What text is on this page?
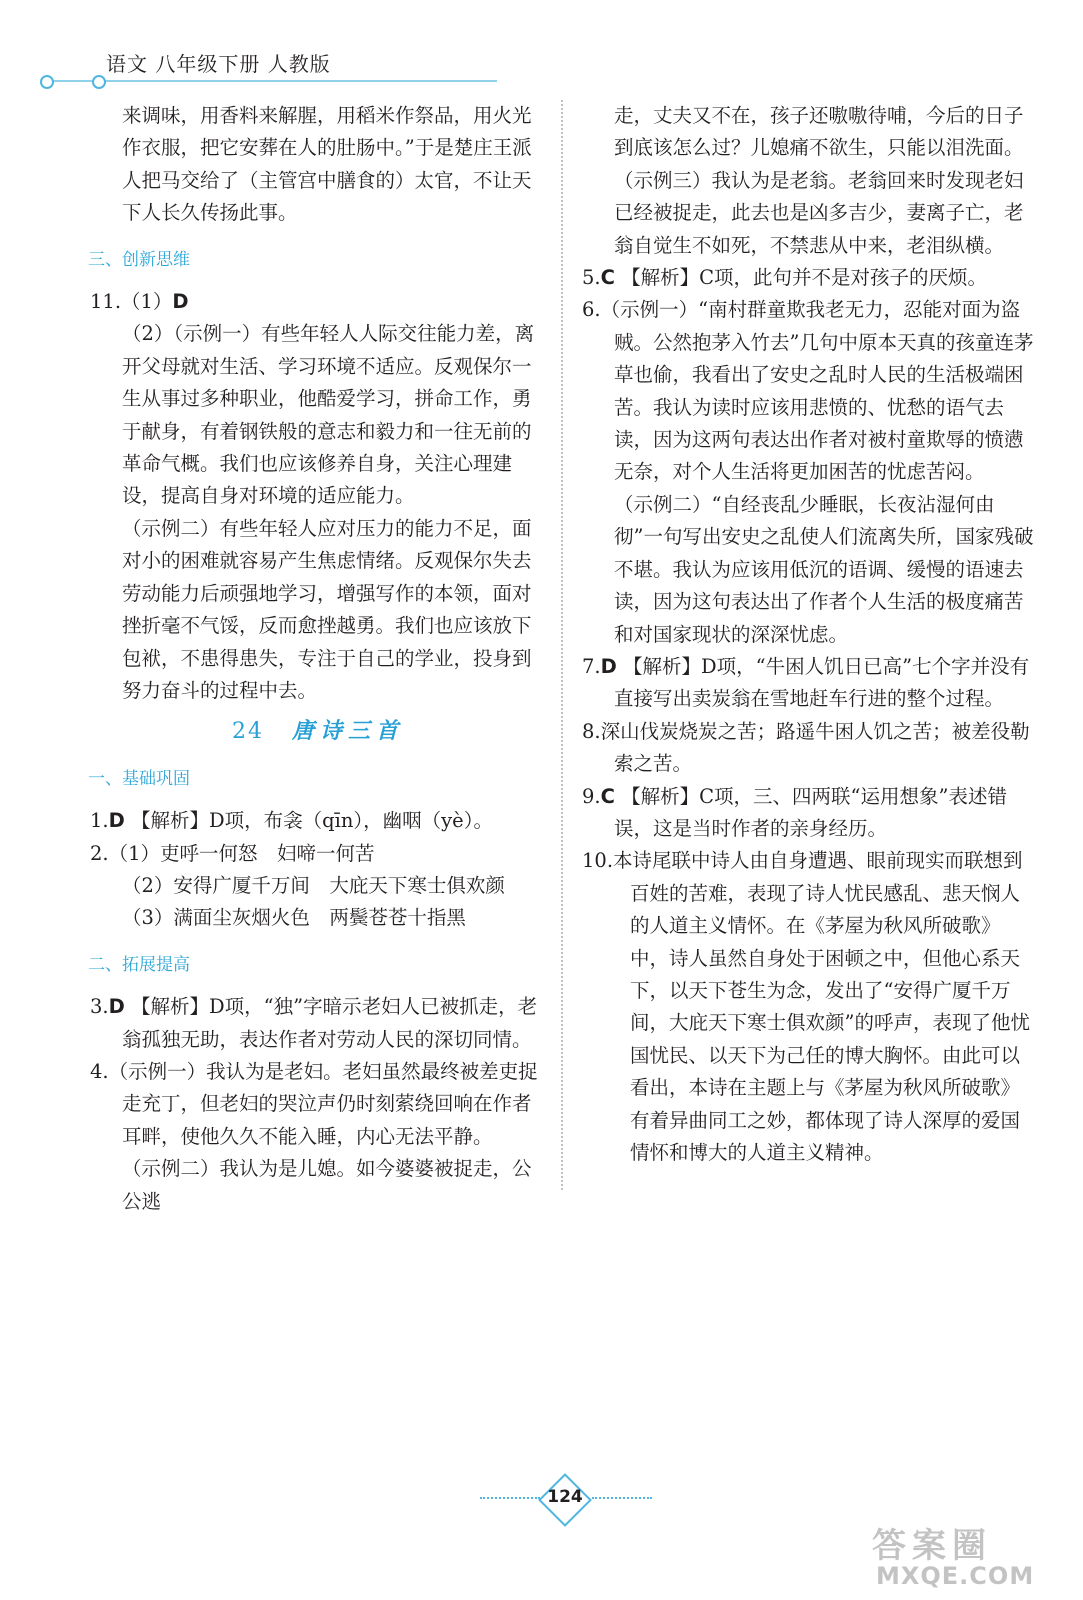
语文 八年级下册 人教版

来调味，用香料来解腥，用稻米作祭品，用火光作衣服，把它安葬在人的肚肠中。”于是楚庄王派人把马交给了（主管宫中膳食的）太官，不让天下人长久传扬此事。

三、创新思维

11.（1）D

（2）（示例一）有些年轻人人际交往能力差，离开父母就对生活、学习环境不适应。反观保尔一生从事过多种职业，他酷爱学习，拼命工作，勇于献身，有着钢铁般的意志和毅力和一往无前的革命气概。我们也应该修养自身，关注心理建设，提高自身对环境的适应能力。

（示例二）有些年轻人应对压力的能力不足，面对小的困难就容易产生焦虑情绪。反观保尔失去劳动能力后顽强地学习，增强写作的本领，面对挫折毫不气馁，反而愈挫越勇。我们也应该放下包袱，不患得患失，专注于自己的学业，投身到努力奋斗的过程中去。

24 唐诗三首
一、基础巩固

1.D 【解析】D项，布衾（qīn），幽咽（yè）。

2.（1）吏呼一何怒　妇啼一何苦

（2）安得广厦千万间　大庇天下寒士俱欢颜

（3）满面尘灰烟火色　两鬓苍苍十指黑

二、拓展提高

3.D 【解析】D项，“独”字暗示老妇人已被抓走，老翁孤独无助，表达作者对劳动人民的深切同情。

4.（示例一）我认为是老妇。老妇虽然最终被差吏捉走充丁，但老妇的哭泣声仍时刻萦绕回响在作者耳畔，使他久久不能入睡，内心无法平静。

（示例二）我认为是儿媳。如今婆婆被捉走，公公逃

走，丈夫又不在，孩子还嗷嗷待哺，今后的日子到底该怎么过？儿媳痛不欲生，只能以泪洗面。

（示例三）我认为是老翁。老翁回来时发现老妇已经被捉走，此去也是凶多吉少，妻离子亡，老翁自觉生不如死，不禁悲从中来，老泪纵横。

5.C 【解析】C项，此句并不是对孩子的厌烦。

6.（示例一）“南村群童欺我老无力，忍能对面为盗贼。公然抱茅入竹去”几句中原本天真的孩童连茅草也偷，我看出了安史之乱时人民的生活极端困苦。我认为读时应该用悲愤的、忧愁的语气去读，因为这两句表达出作者对被村童欺辱的愤懑无奈，对个人生活将更加困苦的忧虑苦闷。

（示例二）“自经丧乱少睡眠，长夜沾湿何由彻”一句写出安史之乱使人们流离失所，国家残破不堪。我认为应该用低沉的语调、缓慢的语速去读，因为这句表达出了作者个人生活的极度痛苦和对国家现状的深深忧虑。

7.D 【解析】D项，“牛困人饥日已高”七个字并没有直接写出卖炭翁在雪地赶车行进的整个过程。

8.深山伐炭烧炭之苦；路遥牛困人饥之苦；被差役勒索之苦。

9.C 【解析】C项，三、四两联“运用想象”表述错误，这是当时作者的亲身经历。

10.本诗尾联中诗人由自身遭遇、眼前现实而联想到百姓的苦难，表现了诗人忧民感乱、悲天悯人的人道主义情怀。在《茅屋为秋风所破歌》中，诗人虽然自身处于困顿之中，但他心系天下，以天下苍生为念，发出了“安得广厦千万间，大庇天下寒士俱欢颜”的呼声，表现了他忧国忧民、以天下为己任的博大胸怀。由此可以看出，本诗在主题上与《茅屋为秋风所破歌》有着异曲同工之妙，都体现了诗人深厚的爱国情怀和博大的人道主义精神。

124
答案圈
MXQE.COM
